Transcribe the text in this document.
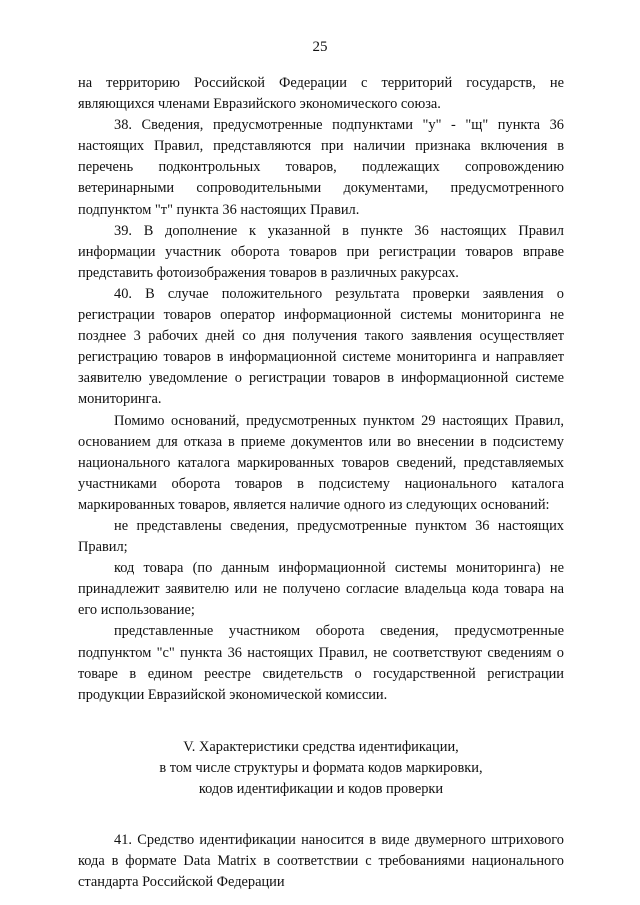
25

на территорию Российской Федерации с территорий государств, не являющихся членами Евразийского экономического союза.

38. Сведения, предусмотренные подпунктами "у" - "щ" пункта 36 настоящих Правил, представляются при наличии признака включения в перечень подконтрольных товаров, подлежащих сопровождению ветеринарными сопроводительными документами, предусмотренного подпунктом "т" пункта 36 настоящих Правил.

39. В дополнение к указанной в пункте 36 настоящих Правил информации участник оборота товаров при регистрации товаров вправе представить фотоизображения товаров в различных ракурсах.

40. В случае положительного результата проверки заявления о регистрации товаров оператор информационной системы мониторинга не позднее 3 рабочих дней со дня получения такого заявления осуществляет регистрацию товаров в информационной системе мониторинга и направляет заявителю уведомление о регистрации товаров в информационной системе мониторинга.

Помимо оснований, предусмотренных пунктом 29 настоящих Правил, основанием для отказа в приеме документов или во внесении в подсистему национального каталога маркированных товаров сведений, представляемых участниками оборота товаров в подсистему национального каталога маркированных товаров, является наличие одного из следующих оснований:

не представлены сведения, предусмотренные пунктом 36 настоящих Правил;

код товара (по данным информационной системы мониторинга) не принадлежит заявителю или не получено согласие владельца кода товара на его использование;

представленные участником оборота сведения, предусмотренные подпунктом "с" пункта 36 настоящих Правил, не соответствуют сведениям о товаре в едином реестре свидетельств о государственной регистрации продукции Евразийской экономической комиссии.

V. Характеристики средства идентификации,
в том числе структуры и формата кодов маркировки,
кодов идентификации и кодов проверки

41. Средство идентификации наносится в виде двумерного штрихового кода в формате Data Matrix в соответствии с требованиями национального стандарта Российской Федерации
